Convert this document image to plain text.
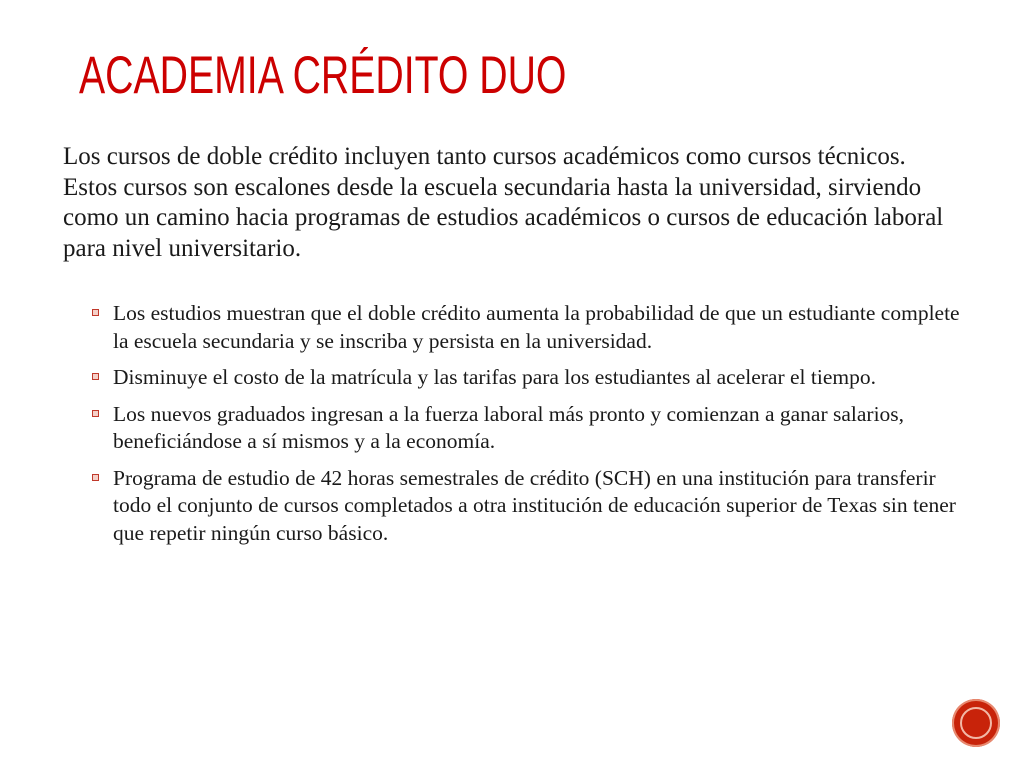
ACADEMIA CRÉDITO DUO

Los cursos de doble crédito incluyen tanto cursos académicos como cursos técnicos. Estos cursos son escalones desde la escuela secundaria hasta la universidad, sirviendo como un camino hacia programas de estudios académicos o cursos de educación laboral para nivel universitario.

Los estudios muestran que el doble crédito aumenta la probabilidad de que un estudiante complete la escuela secundaria y se inscriba y persista en la universidad.
Disminuye el costo de la matrícula y las tarifas para los estudiantes al acelerar el tiempo.
Los nuevos graduados ingresan a la fuerza laboral más pronto y comienzan a ganar salarios, beneficiándose a sí mismos y a la economía.
Programa de estudio de 42 horas semestrales de crédito (SCH) en una institución para transferir todo el conjunto de cursos completados a otra institución de educación superior de Texas sin tener que repetir ningún curso básico.
